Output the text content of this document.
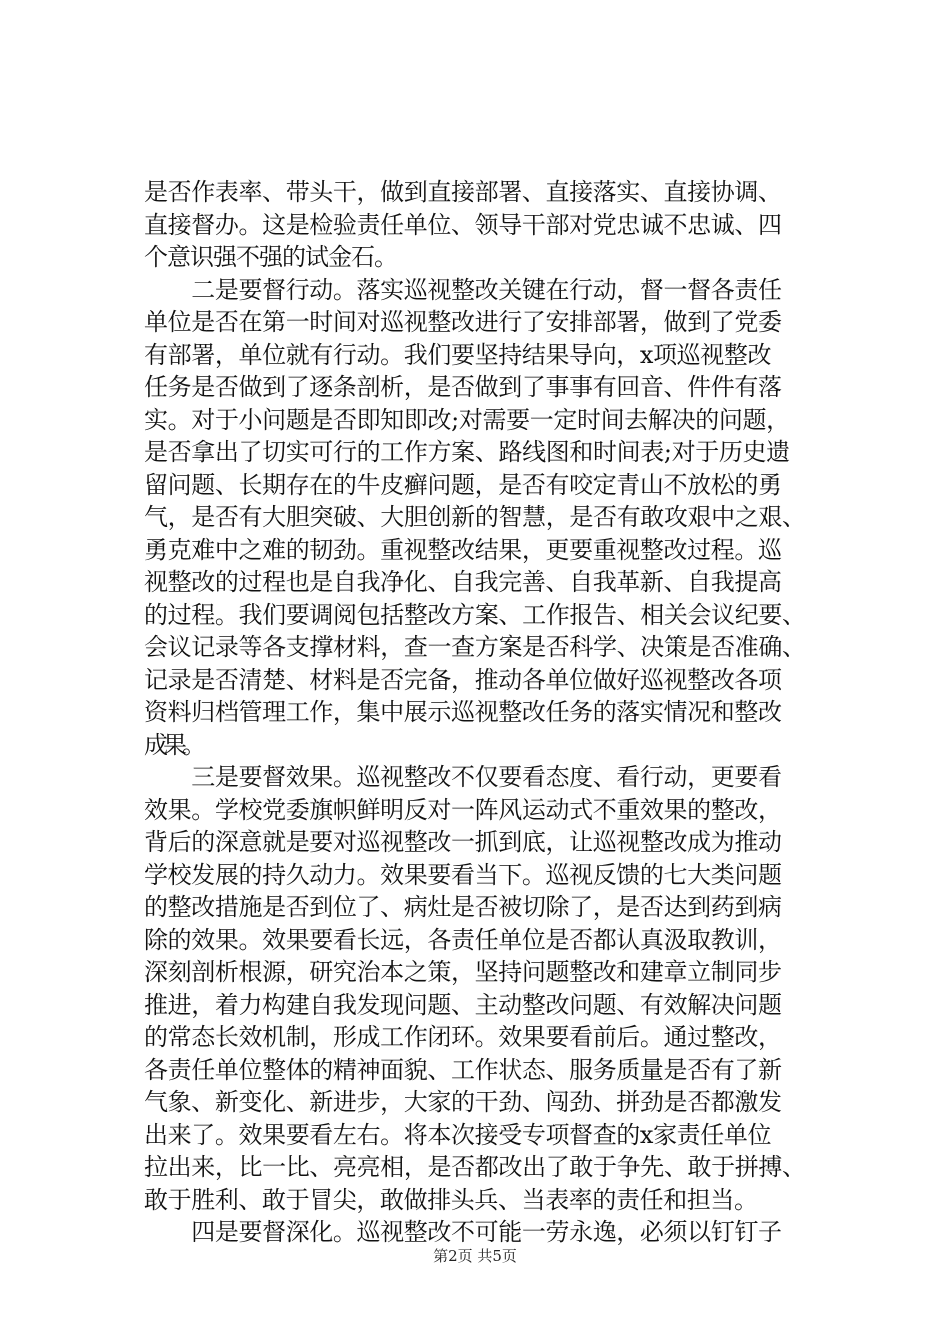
是否作表率、带头干，做到直接部署、直接落实、直接协调、
直接督办。这是检验责任单位、领导干部对党忠诚不忠诚、四
个意识强不强的试金石。
　　二是要督行动。落实巡视整改关键在行动，督一督各责任
单位是否在第一时间对巡视整改进行了安排部署，做到了党委
有部署，单位就有行动。我们要坚持结果导向，x项巡视整改
任务是否做到了逐条剖析，是否做到了事事有回音、件件有落
实。对于小问题是否即知即改;对需要一定时间去解决的问题，
是否拿出了切实可行的工作方案、路线图和时间表;对于历史遗
留问题、长期存在的牛皮癣问题，是否有咬定青山不放松的勇
气，是否有大胆突破、大胆创新的智慧，是否有敢攻艰中之艰、
勇克难中之难的韧劲。重视整改结果，更要重视整改过程。巡
视整改的过程也是自我净化、自我完善、自我革新、自我提高
的过程。我们要调阅包括整改方案、工作报告、相关会议纪要、
会议记录等各支撑材料，查一查方案是否科学、决策是否准确、
记录是否清楚、材料是否完备，推动各单位做好巡视整改各项
资料归档管理工作，集中展示巡视整改任务的落实情况和整改
成果。
　　三是要督效果。巡视整改不仅要看态度、看行动，更要看
效果。学校党委旗帜鲜明反对一阵风运动式不重效果的整改，
背后的深意就是要对巡视整改一抓到底，让巡视整改成为推动
学校发展的持久动力。效果要看当下。巡视反馈的七大类问题
的整改措施是否到位了、病灶是否被切除了，是否达到药到病
除的效果。效果要看长远，各责任单位是否都认真汲取教训，
深刻剖析根源，研究治本之策，坚持问题整改和建章立制同步
推进，着力构建自我发现问题、主动整改问题、有效解决问题
的常态长效机制，形成工作闭环。效果要看前后。通过整改，
各责任单位整体的精神面貌、工作状态、服务质量是否有了新
气象、新变化、新进步，大家的干劲、闯劲、拼劲是否都激发
出来了。效果要看左右。将本次接受专项督查的x家责任单位
拉出来，比一比、亮亮相，是否都改出了敢于争先、敢于拼搏、
敢于胜利、敢于冒尖，敢做排头兵、当表率的责任和担当。
　　四是要督深化。巡视整改不可能一劳永逸，必须以钉钉子
第2页 共5页
